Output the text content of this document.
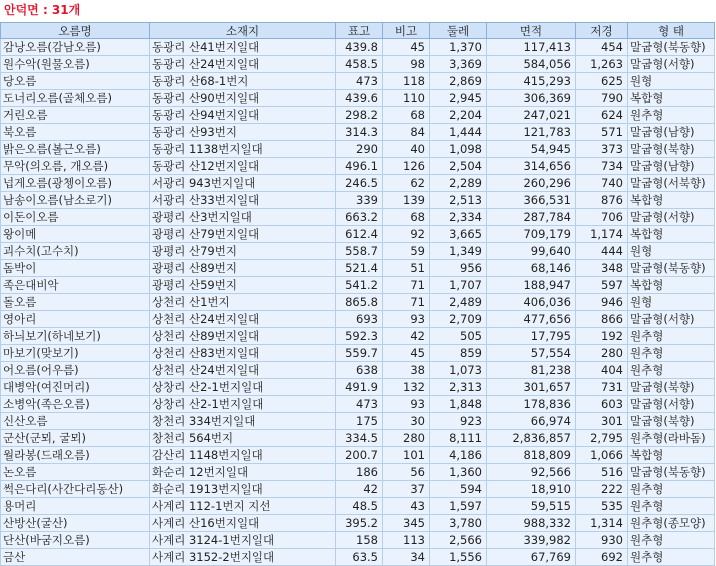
안덕면 : 31개
오름명	소재지	표고	비고	둘레	면적	저경	형 태
감낭오름(감남오름)	동광리 산41번지일대	439.8	45	1,370	117,413	454	말굽형(북동향)
원수악(원물오름)	동광리 산24번지일대	458.5	98	3,369	584,056	1,263	말굽형(서향)
당오름	동광리 산68-1번지	473	118	2,869	415,293	625	원형
도너리오름(골체오름)	동광리 산90번지일대	439.6	110	2,945	306,369	790	복합형
거린오름	동광리 산94번지일대	298.2	68	2,204	247,021	624	원추형
북오름	동광리 산93번지	314.3	84	1,444	121,783	571	말굽형(남향)
밝은오름(볼근오름)	동광리 1138번지일대	290	40	1,098	54,945	373	말굽형(북향)
무악(의오름, 개오름)	동광리 산12번지일대	496.1	126	2,504	314,656	734	말굽형(남향)
넙게오름(광쳉이오름)	서광리 943번지일대	246.5	62	2,289	260,296	740	말굽형(서북향)
남송이오름(남소로기)	서광리 산33번지일대	339	139	2,513	366,531	876	복합형
이돈이오름	광평리 산3번지일대	663.2	68	2,334	287,784	706	말굽형(서향)
왕이메	광평리 산79번지일대	612.4	92	3,665	709,179	1,174	복합형
괴수치(고수치)	광평리 산79번지	558.7	59	1,349	99,640	444	원형
돔박이	광평리 산89번지	521.4	51	956	68,146	348	말굽형(북동향)
족은대비악	광평리 산59번지	541.2	71	1,707	188,947	597	복합형
돌오름	상천리 산1번지	865.8	71	2,489	406,036	946	원형
영아리	상천리 산24번지일대	693	93	2,709	477,656	866	말굽형(서향)
하늬보기(하네보기)	상천리 산89번지일대	592.3	42	505	17,795	192	원추형
마보기(맞보기)	상천리 산83번지일대	559.7	45	859	57,554	280	원추형
어오름(어우름)	상천리 산24번지일대	638	38	1,073	81,238	404	원추형
대병악(여진머리)	상창리 산2-1번지일대	491.9	132	2,313	301,657	731	말굽형(북향)
소병악(족은오름)	상창리 산2-1번지일대	473	93	1,848	178,836	603	말굽형(서향)
신산오름	창천리 334번지일대	175	30	923	66,974	301	말굽형(북향)
군산(군뫼, 굴뫼)	창천리 564번지	334.5	280	8,111	2,836,857	2,795	원추형(라바돔)
월라봉(드래오름)	감산리 1148번지일대	200.7	101	4,186	818,809	1,066	복합형
논오름	화순리 12번지일대	186	56	1,360	92,566	516	말굽형(북동향)
썩은다리(사간다리동산)	화순리 1913번지일대	42	37	594	18,910	222	원추형
용머리	사계리 112-1번지 지선	48.5	43	1,597	59,515	535	원추형
산방산(굴산)	사계리 산16번지일대	395.2	345	3,780	988,332	1,314	원추형(종모양)
단산(바굼지오름)	사계리 3124-1번지일대	158	113	2,566	339,982	930	원추형
금산	사계리 3152-2번지일대	63.5	34	1,556	67,769	692	원추형
